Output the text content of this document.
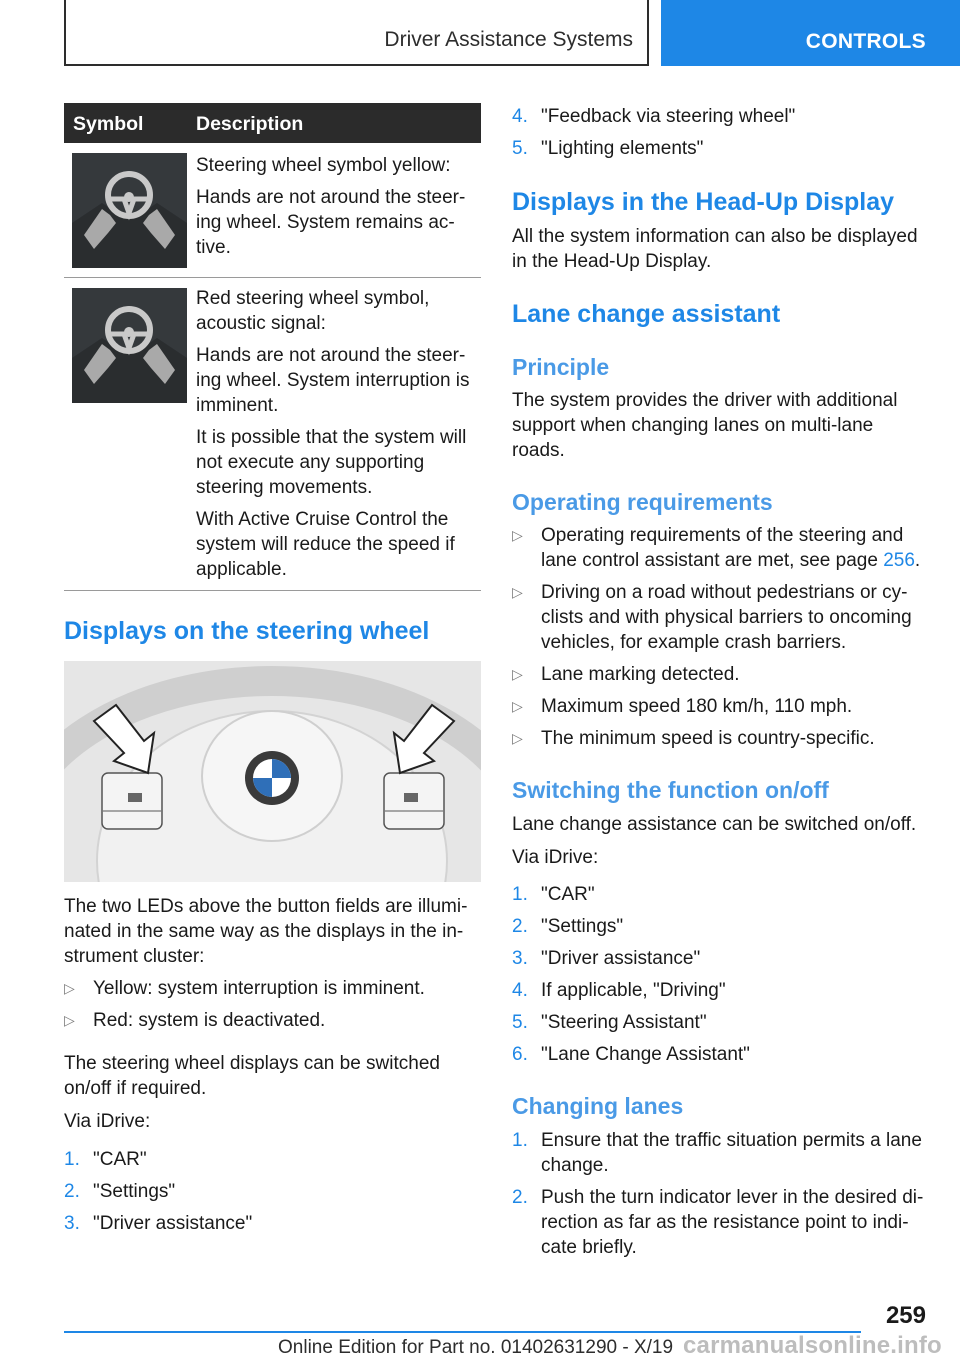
Driver Assistance Systems	CONTROLS
Symbol	Description

Steering wheel symbol yellow:

Hands are not around the steer-ing wheel. System remains ac-tive.

Red steering wheel symbol, acoustic signal:

Hands are not around the steer-ing wheel. System interruption is imminent.

It is possible that the system will not execute any supporting steering movements.

With Active Cruise Control the system will reduce the speed if applicable.

Displays on the steering wheel

The two LEDs above the button fields are illumi-nated in the same way as the displays in the in-strument cluster:

▷ Yellow: system interruption is imminent.
▷ Red: system is deactivated.

The steering wheel displays can be switched on/off if required.

Via iDrive:

1. "CAR"
2. "Settings"
3. "Driver assistance"
4. "Feedback via steering wheel"
5. "Lighting elements"
Displays in the Head-Up Display

All the system information can also be displayed in the Head-Up Display.

Lane change assistant
Principle

The system provides the driver with additional support when changing lanes on multi-lane roads.

Operating requirements
▷ Operating requirements of the steering and lane control assistant are met, see page 256.
▷ Driving on a road without pedestrians or cy-clists and with physical barriers to oncoming vehicles, for example crash barriers.
▷ Lane marking detected.
▷ Maximum speed 180 km/h, 110 mph.
▷ The minimum speed is country-specific.
Switching the function on/off

Lane change assistance can be switched on/off.

Via iDrive:

1. "CAR"
2. "Settings"
3. "Driver assistance"
4. If applicable, "Driving"
5. "Steering Assistant"
6. "Lane Change Assistant"
Changing lanes
1. Ensure that the traffic situation permits a lane change.
2. Push the turn indicator lever in the desired di-rection as far as the resistance point to indi-cate briefly.
259
Online Edition for Part no. 01402631290 - X/19 carmanualsonline.info
